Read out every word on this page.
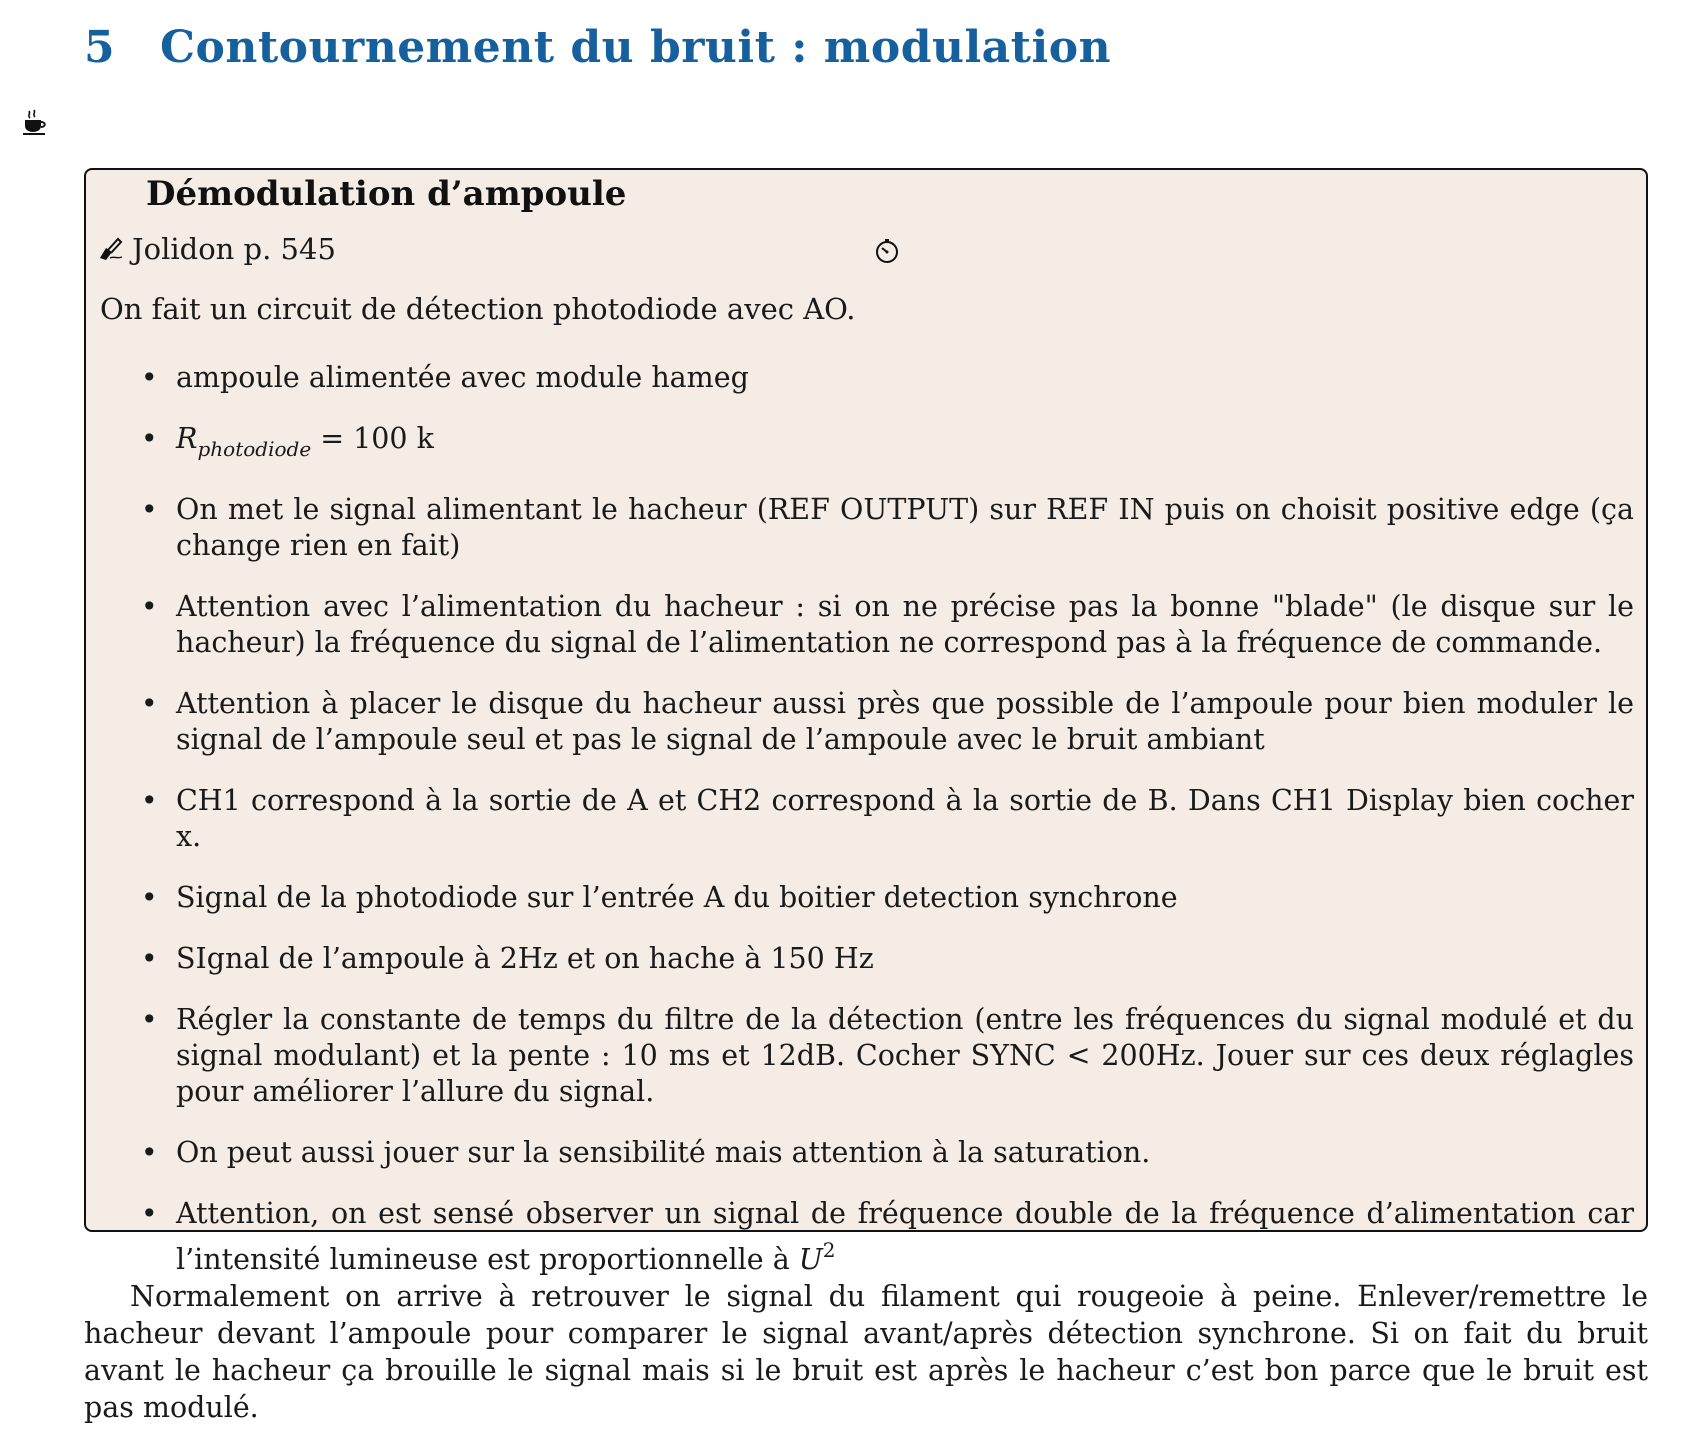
5 Contournement du bruit : modulation
Démodulation d’ampoule
Jolidon p. 545

On fait un circuit de détection photodiode avec AO.

• ampoule alimentée avec module hameg
• $R_{photodiode} = 100$ k
• On met le signal alimentant le hacheur (REF OUTPUT) sur REF IN puis on choisit positive edge (ça change rien en fait)
• Attention avec l’alimentation du hacheur : si on ne précise pas la bonne "blade" (le disque sur le hacheur) la fréquence du signal de l’alimentation ne correspond pas à la fréquence de commande.
• Attention à placer le disque du hacheur aussi près que possible de l’ampoule pour bien moduler le signal de l’ampoule seul et pas le signal de l’ampoule avec le bruit ambiant
• CH1 correspond à la sortie de A et CH2 correspond à la sortie de B. Dans CH1 Display bien cocher x.
• Signal de la photodiode sur l’entrée A du boitier detection synchrone
• SIgnal de l’ampoule à 2Hz et on hache à 150 Hz
• Régler la constante de temps du filtre de la détection (entre les fréquences du signal modulé et du signal modulant) et la pente : 10 ms et 12dB. Cocher SYNC < 200Hz. Jouer sur ces deux réglagles pour améliorer l’allure du signal.
• On peut aussi jouer sur la sensibilité mais attention à la saturation.
• Attention, on est sensé observer un signal de fréquence double de la fréquence d’alimentation car l’intensité lumineuse est proportionnelle à $U^2$

Normalement on arrive à retrouver le signal du filament qui rougeoie à peine. Enlever/remettre le hacheur devant l’ampoule pour comparer le signal avant/après détection synchrone. Si on fait du bruit avant le hacheur ça brouille le signal mais si le bruit est après le hacheur c’est bon parce que le bruit est pas modulé.
